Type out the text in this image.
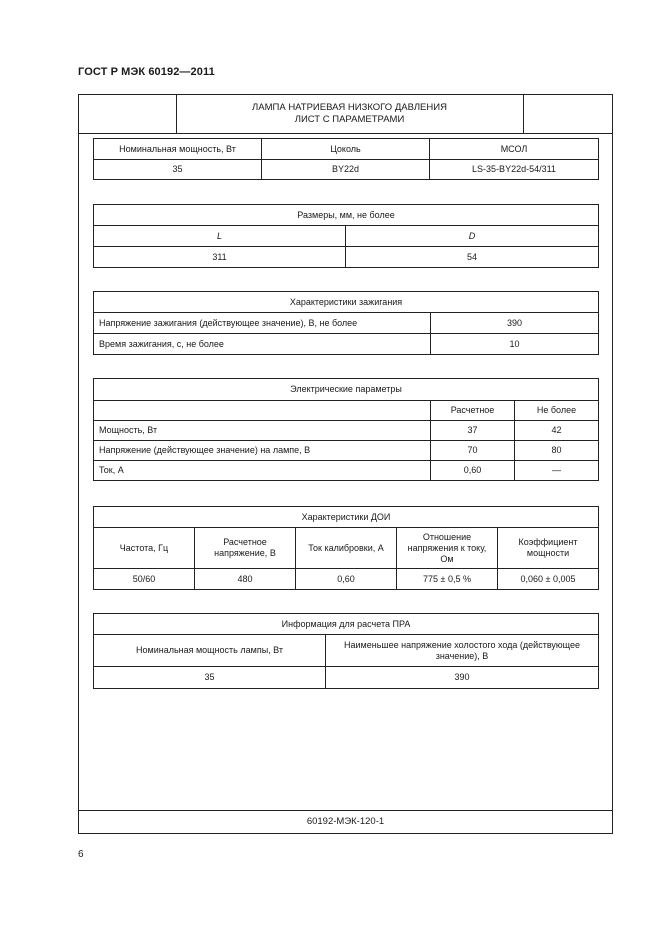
ГОСТ Р МЭК 60192—2011
ЛАМПА НАТРИЕВАЯ НИЗКОГО ДАВЛЕНИЯ
ЛИСТ С ПАРАМЕТРАМИ
60192-МЭК-120-1
Номинальная мощность, Вт	Цоколь	МСОЛ
35	BY22d	LS-35-BY22d-54/311
Размеры, мм, не более	
L	D
311	54
Характеристики зажигания	
Напряжение зажигания (действующее значение), В, не более	390
Время зажигания, с, не более	10
Электрические параметры		
	Расчетное	Не более
Мощность, Вт	37	42
Напряжение (действующее значение) на лампе, В	70	80
Ток, А	0,60	—
Характеристики ДОИ				
Частота, Гц	Расчетное напряжение, В	Ток калибровки, А	Отношение напряжения к току, Ом	Коэффициент мощности
50/60	480	0,60	775 ± 0,5 %	0,060 ± 0,005
Информация для расчета ПРА	
Номинальная мощность лампы, Вт	Наименьшее напряжение холостого хода (действующее значение), В
35	390
6
